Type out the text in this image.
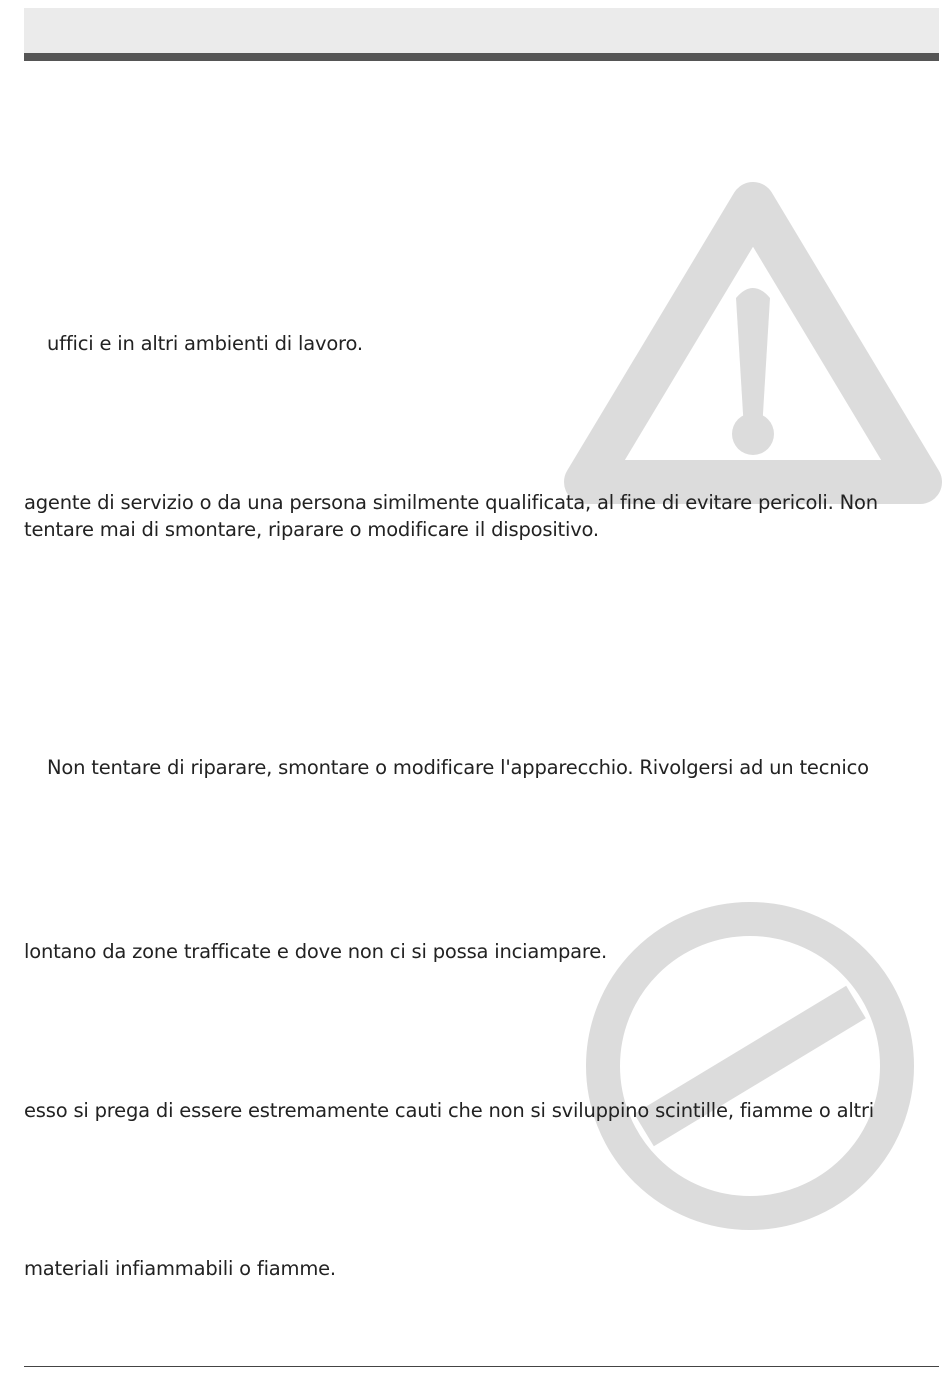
uffici e in altri ambienti di lavoro.

agente di servizio o da una persona similmente qualificata, al fine di evitare pericoli. Non

tentare mai di smontare, riparare o modificare il dispositivo.

Non tentare di riparare, smontare o modificare l'apparecchio. Rivolgersi ad un tecnico

lontano da zone trafficate e dove non ci si possa inciampare.

esso si prega di essere estremamente cauti che non si sviluppino scintille, fiamme o altri

materiali infiammabili o fiamme.
